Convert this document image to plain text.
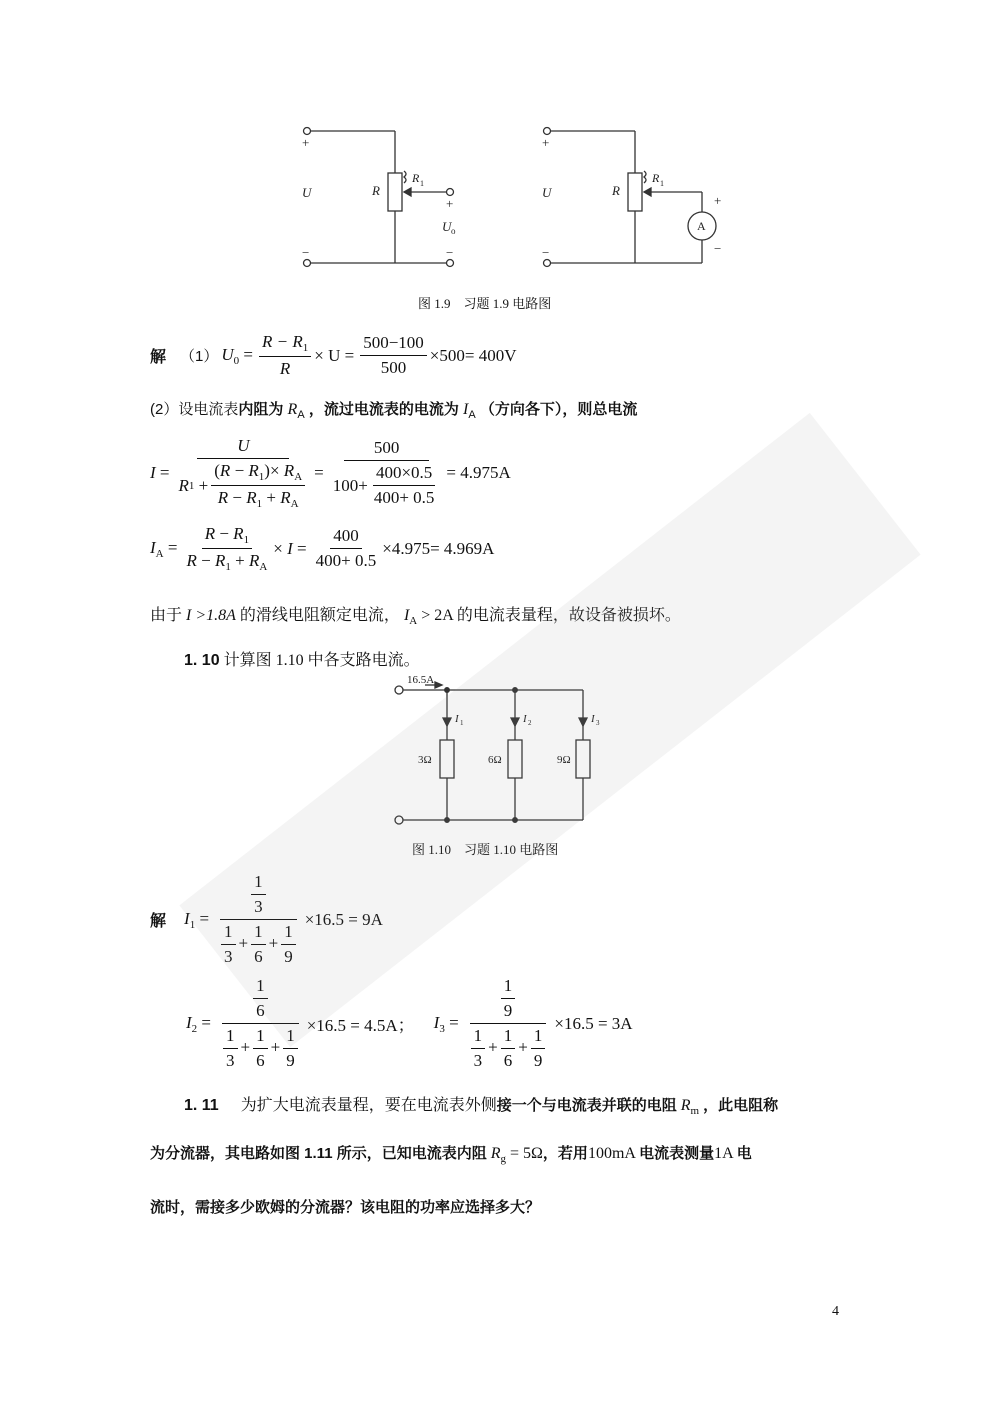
+
−
U	R
R 1
+
U o
−
+
−
U	R
R 1
A
+
−
图 1.9　习题 1.9 电路图
解 （1） $U_0 = \frac{R - R_1}{R} \times U = \frac{500-100}{500} \times 500= 400V$
(2）设电流表内阻为 $R_A$ ，流过电流表的电流为 $I_A$ （方向各下），则总电流
$I = \frac{U}{R 1 + \frac{(R - R_1)\times R_A}{R - R_1 + R_A}} = \frac{500}{100+ \frac{400\times 0.5}{400+ 0.5}} = 4.975A$
$I_A = \frac{R - R_1}{R - R_1 + R_A} \times I = \frac{400}{400+ 0.5} \times 4.975= 4.969A$
由于 I >1.8A 的滑线电阻额定电流， $I_A > 2A$ 的电流表量程，故设备被损坏。
1. 10 计算图 1.10 中各支路电流。
16.5A
I 1	I 2	I 3
3Ω	6Ω	9Ω
图 1.10　习题 1.10 电路图
解 $I_1 = \frac{\frac{1}{3}}{\frac{1}{3} + \frac{1}{6} + \frac{1}{9}} \times 16.5 = 9A$
$I_2 = \frac{\frac{1}{6}}{\frac{1}{3} + \frac{1}{6} + \frac{1}{9}} \times 16.5 = 4.5A$； $I_3 = \frac{\frac{1}{9}}{\frac{1}{3} + \frac{1}{6} + \frac{1}{9}} \times 16.5 = 3A$
1. 11 为扩大电流表量程，要在电流表外侧接一个与电流表并联的电阻 $R_m$ ，此电阻称
为分流器，其电路如图 1.11 所示，已知电流表内阻 $R_g = 5\Omega$，若用100mA 电流表测量1A 电
流时，需接多少欧姆的分流器？该电阻的功率应选择多大？
4
